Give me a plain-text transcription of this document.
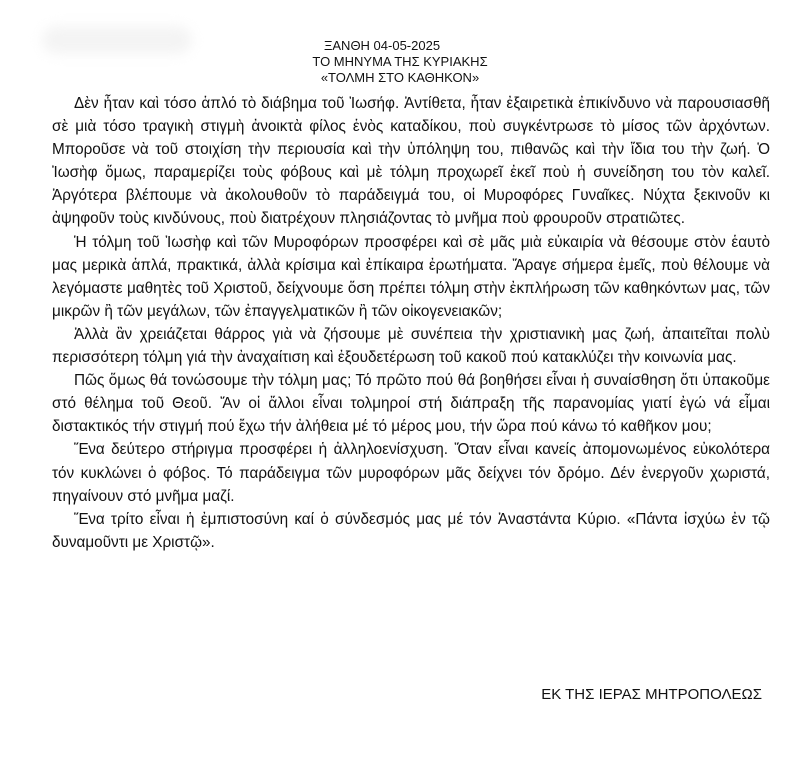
ΞΑΝΘΗ 04-05-2025
ΤΟ ΜΗΝΥΜΑ ΤΗΣ ΚΥΡΙΑΚΗΣ
«ΤΟΛΜΗ ΣΤΟ ΚΑΘΗΚΟΝ»

Δὲν ἦταν καὶ τόσο ἁπλό τὸ διάβημα τοῦ Ἰωσήφ. Ἀντίθετα, ἦταν ἐξαιρετικὰ ἐπικίνδυνο νὰ παρουσιασθῆ σὲ μιὰ τόσο τραγικὴ στιγμὴ ἀνοικτὰ φίλος ἑνὸς καταδίκου, ποὺ συγκέντρωσε τὸ μίσος τῶν ἀρχόντων. Μποροῦσε νὰ τοῦ στοιχίση τὴν περιουσία καὶ τὴν ὑπόληψη του, πιθανῶς καὶ τὴν ἴδια του τὴν ζωή. Ὁ Ἰωσὴφ ὅμως, παραμερίζει τοὺς φόβους καὶ μὲ τόλμη προχωρεῖ ἐκεῖ ποὺ ἡ συνείδηση του τὸν καλεῖ. Ἀργότερα βλέπουμε νὰ ἀκολουθοῦν τὸ παράδειγμά του, οἱ Μυροφόρες Γυναῖκες. Νύχτα ξεκινοῦν κι ἀψηφοῦν τοὺς κινδύνους, ποὺ διατρέχουν πλησιάζοντας τὸ μνῆμα ποὺ φρουροῦν στρατιῶτες.

Ἡ τόλμη τοῦ Ἰωσὴφ καὶ τῶν Μυροφόρων προσφέρει καὶ σὲ μᾶς μιὰ εὐκαιρία νὰ θέσουμε στὸν ἑαυτὸ μας μερικὰ ἁπλά, πρακτικά, ἀλλὰ κρίσιμα καὶ ἐπίκαιρα ἐρωτήματα. Ἄραγε σήμερα ἐμεῖς, ποὺ θέλουμε νὰ λεγόμαστε μαθητὲς τοῦ Χριστοῦ, δείχνουμε ὅση πρέπει τόλμη στὴν ἐκπλήρωση τῶν καθηκόντων μας, τῶν μικρῶν ἢ τῶν μεγάλων, τῶν ἐπαγγελματικῶν ἢ τῶν οἰκογενειακῶν;

Ἀλλὰ ἂν χρειάζεται θάρρος γιὰ νὰ ζήσουμε μὲ συνέπεια τὴν χριστιανικὴ μας ζωή, ἀπαιτεῖται πολὺ περισσότερη τόλμη γιά τὴν ἀναχαίτιση καὶ ἐξουδετέρωση τοῦ κακοῦ πού κατακλύζει τὴν κοινωνία μας.

Πῶς ὅμως θά τονώσουμε τὴν τόλμη μας; Τό πρῶτο πού θά βοηθήσει εἶναι ἡ συναίσθηση ὅτι ὑπακοῦμε στό θέλημα τοῦ Θεοῦ. Ἄν οἱ ἄλλοι εἶναι τολμηροί στή διάπραξη τῆς παρανομίας γιατί ἐγώ νά εἶμαι διστακτικός τήν στιγμή πού ἔχω τήν ἀλήθεια μέ τό μέρος μου, τήν ὥρα πού κάνω τό καθῆκον μου;

Ἕνα δεύτερο στήριγμα προσφέρει ἡ ἀλληλοενίσχυση. Ὅταν εἶναι κανείς ἀπομονωμένος εὐκολότερα τόν κυκλώνει ὁ φόβος. Τό παράδειγμα τῶν μυροφόρων μᾶς δείχνει τόν δρόμο. Δέν ἐνεργοῦν χωριστά, πηγαίνουν στό μνῆμα μαζί.

Ἕνα τρίτο εἶναι ἡ ἐμπιστοσύνη καί ὁ σύνδεσμός μας μέ τόν Ἀναστάντα Κύριο. «Πάντα ἰσχύω ἐν τῷ δυναμοῦντι με Χριστῷ».

ΕΚ ΤΗΣ ΙΕΡΑΣ ΜΗΤΡΟΠΟΛΕΩΣ
